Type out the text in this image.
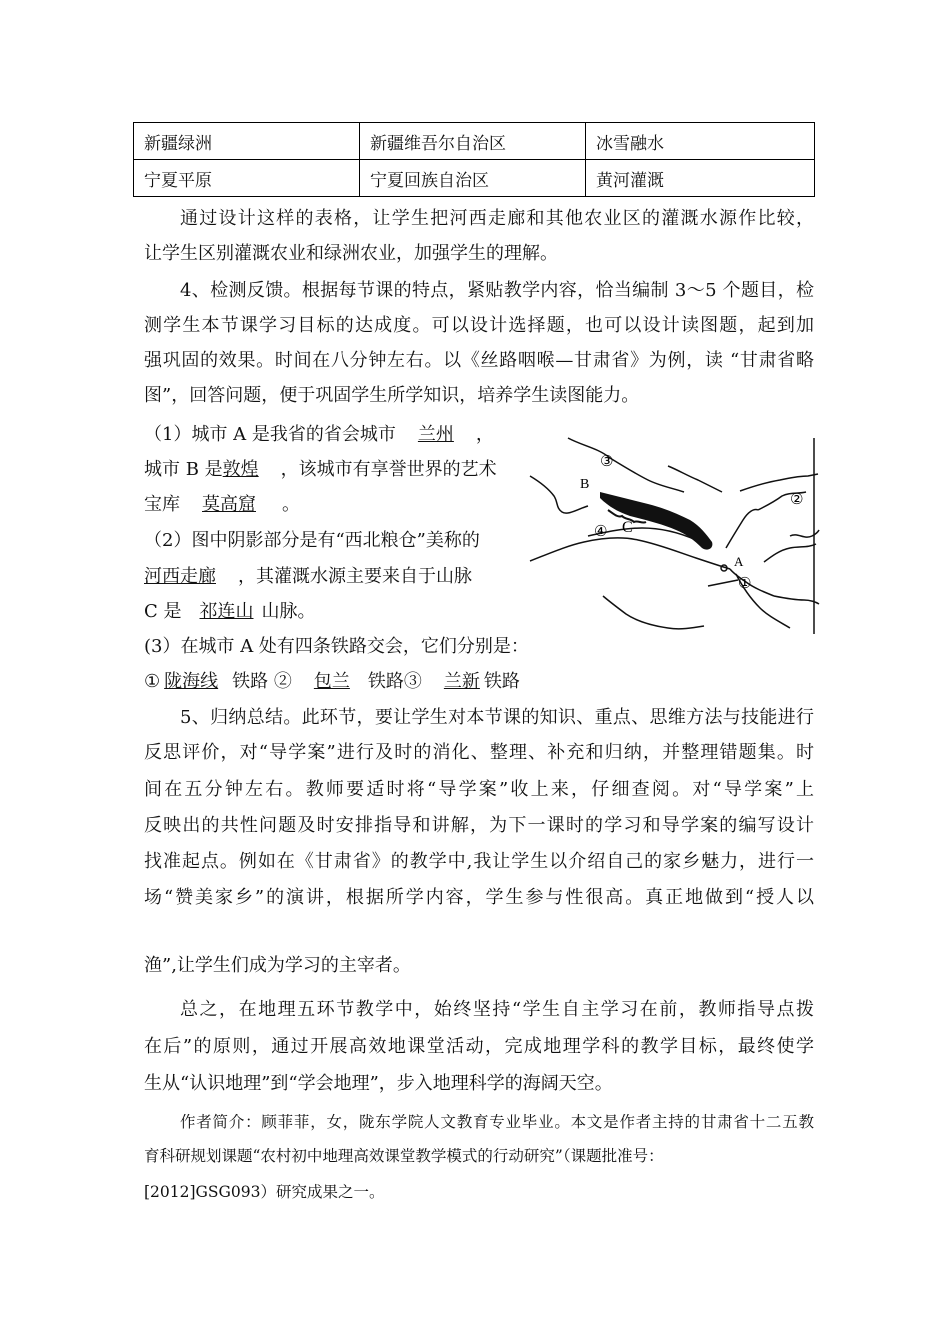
新疆绿洲	新疆维吾尔自治区	冰雪融水
宁夏平原	宁夏回族自治区	黄河灌溉
通过设计这样的表格，让学生把河西走廊和其他农业区的灌溉水源作比较，
让学生区别灌溉农业和绿洲农业，加强学生的理解。
4、检测反馈。根据每节课的特点，紧贴教学内容，恰当编制 3～5 个题目，检
测学生本节课学习目标的达成度。可以设计选择题，也可以设计读图题，起到加
强巩固的效果。时间在八分钟左右。以《丝路咽喉—甘肃省》为例，读 “甘肃省略
图”，回答问题，便于巩固学生所学知识，培养学生读图能力。
（1）城市 A 是我省的省会城市 兰州 ，
城市 B 是敦煌 ，该城市有享誉世界的艺术
宝库 莫高窟 。
（2）图中阴影部分是有“西北粮仓”美称的
河西走廊 ，其灌溉水源主要来自于山脉
C 是 祁连山 山脉。
(3）在城市 A 处有四条铁路交会，它们分别是：
① 陇海线 铁路 ② 包兰 铁路③ 兰新 铁路
B
C
A
①
②
③
④
5、归纳总结。此环节，要让学生对本节课的知识、重点、思维方法与技能进行
反思评价，对“导学案”进行及时的消化、整理、补充和归纳，并整理错题集。时
间在五分钟左右。教师要适时将“导学案”收上来，仔细查阅。对“导学案”上
反映出的共性问题及时安排指导和讲解，为下一课时的学习和导学案的编写设计
找准起点。例如在《甘肃省》的教学中,我让学生以介绍自己的家乡魅力，进行一
场“赞美家乡”的演讲，根据所学内容，学生参与性很高。真正地做到“授人以
渔”,让学生们成为学习的主宰者。
总之，在地理五环节教学中，始终坚持“学生自主学习在前，教师指导点拨
在后”的原则，通过开展高效地课堂活动，完成地理学科的教学目标，最终使学
生从“认识地理”到“学会地理”，步入地理科学的海阔天空。
作者简介：顾菲菲，女，陇东学院人文教育专业毕业。本文是作者主持的甘肃省十二五教
育科研规划课题“农村初中地理高效课堂教学模式的行动研究”（课题批准号：
[2012]GSG093）研究成果之一。
